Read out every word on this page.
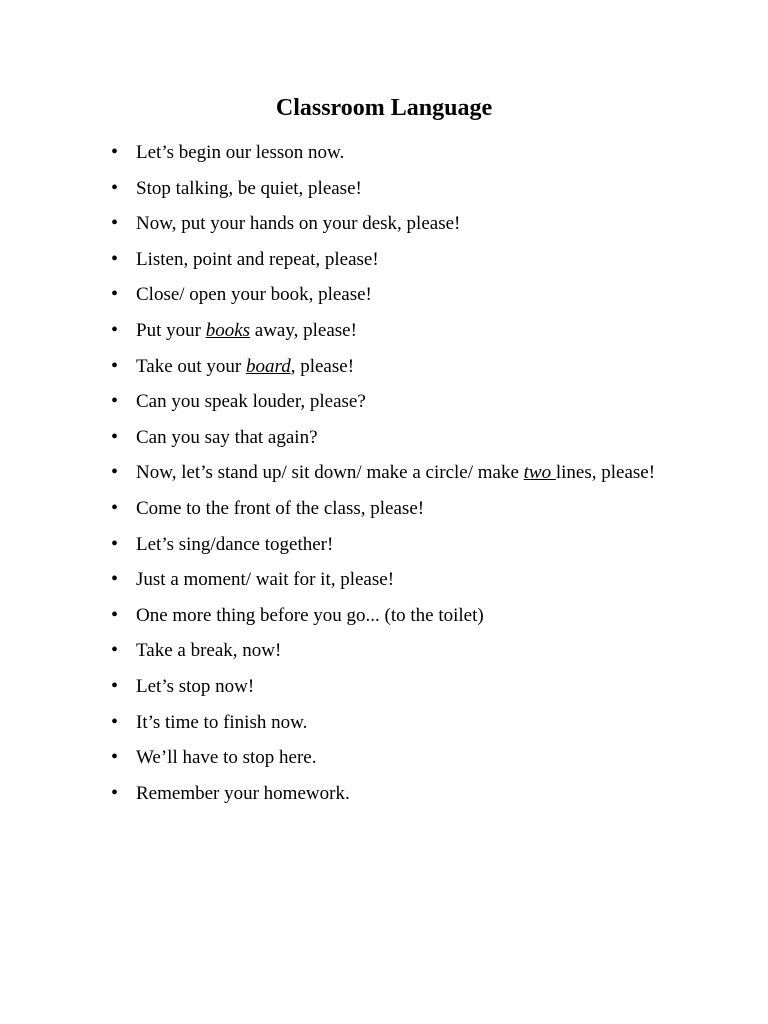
Classroom Language
• Let’s begin our lesson now.
• Stop talking, be quiet, please!
• Now, put your hands on your desk, please!
• Listen, point and repeat, please!
• Close/ open your book, please!
• Put your books away, please!
• Take out your board, please!
• Can you speak louder, please?
• Can you say that again?
• Now, let’s stand up/ sit down/ make a circle/ make two lines, please!
• Come to the front of the class, please!
• Let’s sing/dance together!
• Just a moment/ wait for it, please!
• One more thing before you go... (to the toilet)
• Take a break, now!
• Let’s stop now!
• It’s time to finish now.
• We’ll have to stop here.
• Remember your homework.
